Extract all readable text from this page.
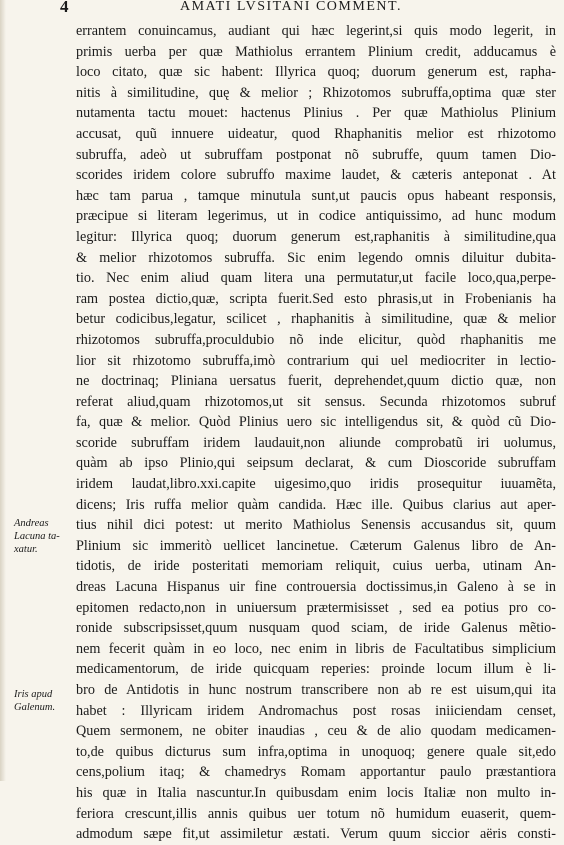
4	AMATI LVSITANI COMMENT.
Andreas
Lacuna ta-
xatur.
Iris apud
Galenum.
errantem conuincamus, audiant qui hæc legerint,si quis modo legerit, in
primis uerba per quæ Mathiolus errantem Plinium credit, adducamus è
loco citato, quæ sic habent: Illyrica quoq; duorum generum est, rapha-
nitis à similitudine, quę & melior ; Rhizotomos subruffa,optima quæ ster
nutamenta tactu mouet: hactenus Plinius . Per quæ Mathiolus Plinium
accusat, quũ innuere uideatur, quod Rhaphanitis melior est rhizotomo
subruffa, adeò ut subruffam postponat nõ subruffe, quum tamen Dio-
scorides iridem colore subruffo maxime laudet, & cæteris anteponat . At
hæc tam parua , tamque minutula sunt,ut paucis opus habeant responsis,
præcipue si literam legerimus, ut in codice antiquissimo, ad hunc modum
legitur: Illyrica quoq; duorum generum est,raphanitis à similitudine,qua
& melior rhizotomos subruffa. Sic enim legendo omnis diluitur dubita-
tio. Nec enim aliud quam litera una permutatur,ut facile loco,qua,perpe-
ram postea dictio,quæ, scripta fuerit.Sed esto phrasis,ut in Frobenianis ha
betur codicibus,legatur, scilicet , rhaphanitis à similitudine, quæ & melior
rhizotomos subruffa,proculdubio nõ inde elicitur, quòd rhaphanitis me
lior sit rhizotomo subruffa,imò contrarium qui uel mediocriter in lectio-
ne doctrinaq; Pliniana uersatus fuerit, deprehendet,quum dictio quæ, non
referat aliud,quam rhizotomos,ut sit sensus. Secunda rhizotomos subruf
fa, quæ & melior. Quòd Plinius uero sic intelligendus sit, & quòd cũ Dio-
scoride subruffam iridem laudauit,non aliunde comprobatũ iri uolumus,
quàm ab ipso Plinio,qui seipsum declarat, & cum Dioscoride subruffam
iridem laudat,libro.xxi.capite uigesimo,quo iridis prosequitur iuuamẽta,
dicens; Iris ruffa melior quàm candida. Hæc ille. Quibus clarius aut aper-
tius nihil dici potest: ut merito Mathiolus Senensis accusandus sit, quum
Plinium sic immeritò uellicet lancinetue. Cæterum Galenus libro de An-
tidotis, de iride posteritati memoriam reliquit, cuius uerba, utinam An-
dreas Lacuna Hispanus uir fine controuersia doctissimus,in Galeno à se in
epitomen redacto,non in uniuersum prætermisisset , sed ea potius pro co-
ronide subscripsisset,quum nusquam quod sciam, de iride Galenus mẽtio-
nem fecerit quàm in eo loco, nec enim in libris de Facultatibus simplicium
medicamentorum, de iride quicquam reperies: proinde locum illum è li-
bro de Antidotis in hunc nostrum transcribere non ab re est uisum,qui ita
habet : Illyricam iridem Andromachus post rosas iniiciendam censet,
Quem sermonem, ne obiter inaudias , ceu & de alio quodam medicamen-
to,de quibus dicturus sum infra,optima in unoquoq; genere quale sit,edo
cens,polium itaq; & chamedrys Romam apportantur paulo præstantiora
his quæ in Italia nascuntur.In quibusdam enim locis Italiæ non multo in-
feriora crescunt,illis annis quibus uer totum nõ humidum euaserit, quem-
admodum sæpe fit,ut assimiletur æstati. Verum quum siccior aëris consti-
